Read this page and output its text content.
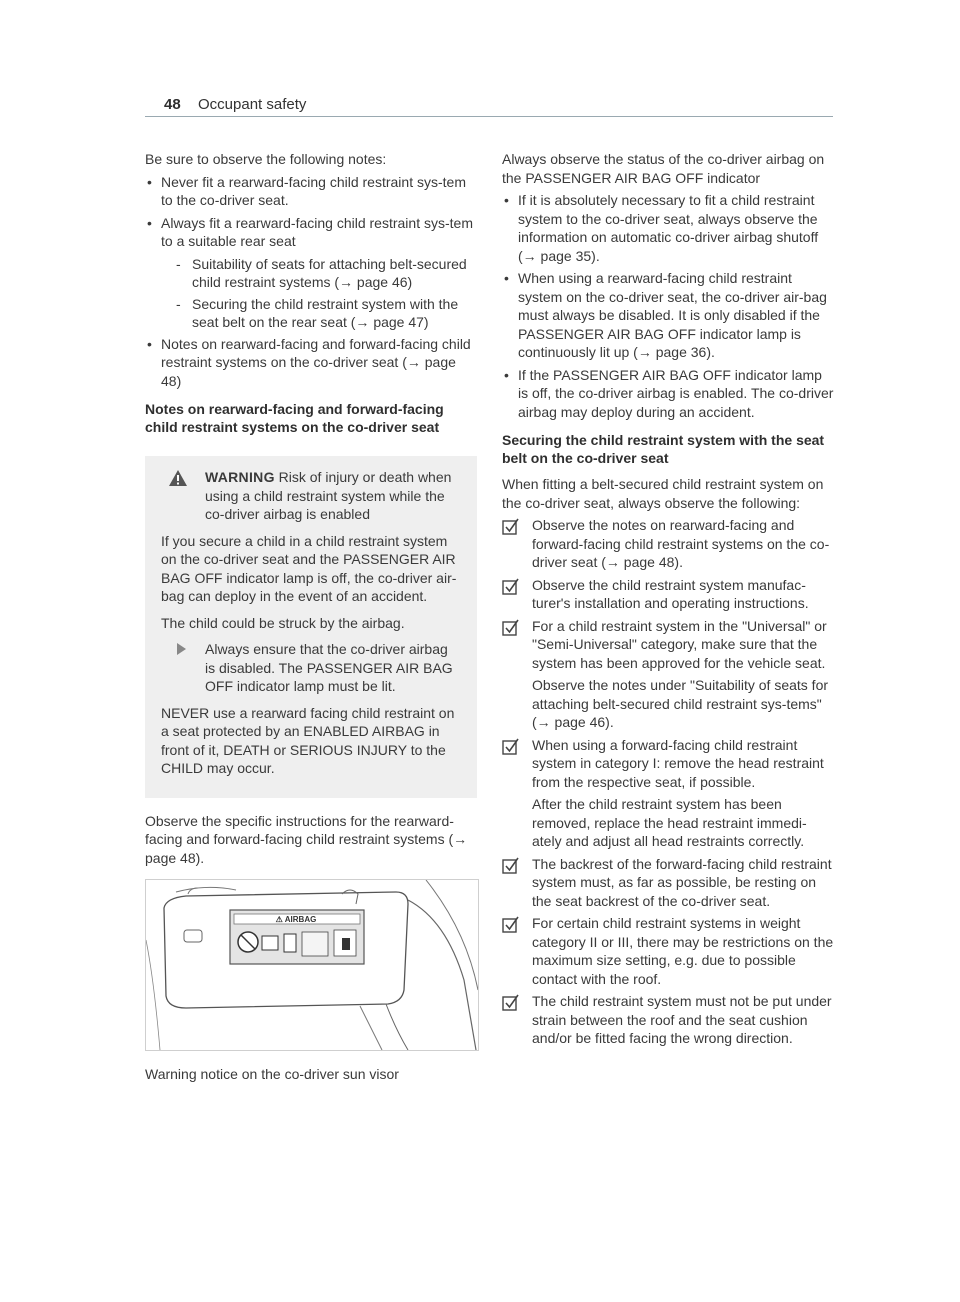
48 Occupant safety

Be sure to observe the following notes:

• Never fit a rearward-facing child restraint sys-tem to the co-driver seat.
• Always fit a rearward-facing child restraint sys-tem to a suitable rear seat
- Suitability of seats for attaching belt-secured child restraint systems (→ page 46)
- Securing the child restraint system with the seat belt on the rear seat (→ page 47)
• Notes on rearward-facing and forward-facing child restraint systems on the co-driver seat (→ page 48)
Notes on rearward-facing and forward-facing child restraint systems on the co-driver seat
WARNING Risk of injury or death when using a child restraint system while the co-driver airbag is enabled

If you secure a child in a child restraint system on the co-driver seat and the PASSENGER AIR BAG OFF indicator lamp is off, the co-driver air-bag can deploy in the event of an accident.

The child could be struck by the airbag.

Always ensure that the co-driver airbag is disabled. The PASSENGER AIR BAG OFF indicator lamp must be lit.

NEVER use a rearward facing child restraint on a seat protected by an ENABLED AIRBAG in front of it, DEATH or SERIOUS INJURY to the CHILD may occur.

Observe the specific instructions for the rearward-facing and forward-facing child restraint systems (→ page 48).

⚠ AIRBAG

Warning notice on the co-driver sun visor

Always observe the status of the co-driver airbag on the PASSENGER AIR BAG OFF indicator

• If it is absolutely necessary to fit a child restraint system to the co-driver seat, always observe the information on automatic co-driver airbag shutoff (→ page 35).
• When using a rearward-facing child restraint system on the co-driver seat, the co-driver air-bag must always be disabled. It is only disabled if the PASSENGER AIR BAG OFF indicator lamp is continuously lit up (→ page 36).
• If the PASSENGER AIR BAG OFF indicator lamp is off, the co-driver airbag is enabled. The co-driver airbag may deploy during an accident.
Securing the child restraint system with the seat belt on the co-driver seat

When fitting a belt-secured child restraint system on the co-driver seat, always observe the following:

Observe the notes on rearward-facing and forward-facing child restraint systems on the co-driver seat (→ page 48).
Observe the child restraint system manufac-turer's installation and operating instructions.
For a child restraint system in the "Universal" or "Semi-Universal" category, make sure that the system has been approved for the vehicle seat.

Observe the notes under "Suitability of seats for attaching belt-secured child restraint sys-tems" (→ page 46).

When using a forward-facing child restraint system in category I: remove the head restraint from the respective seat, if possible.

After the child restraint system has been removed, replace the head restraint immedi-ately and adjust all head restraints correctly.

The backrest of the forward-facing child restraint system must, as far as possible, be resting on the seat backrest of the co-driver seat.
For certain child restraint systems in weight category II or III, there may be restrictions on the maximum size setting, e.g. due to possible contact with the roof.
The child restraint system must not be put under strain between the roof and the seat cushion and/or be fitted facing the wrong direction.
